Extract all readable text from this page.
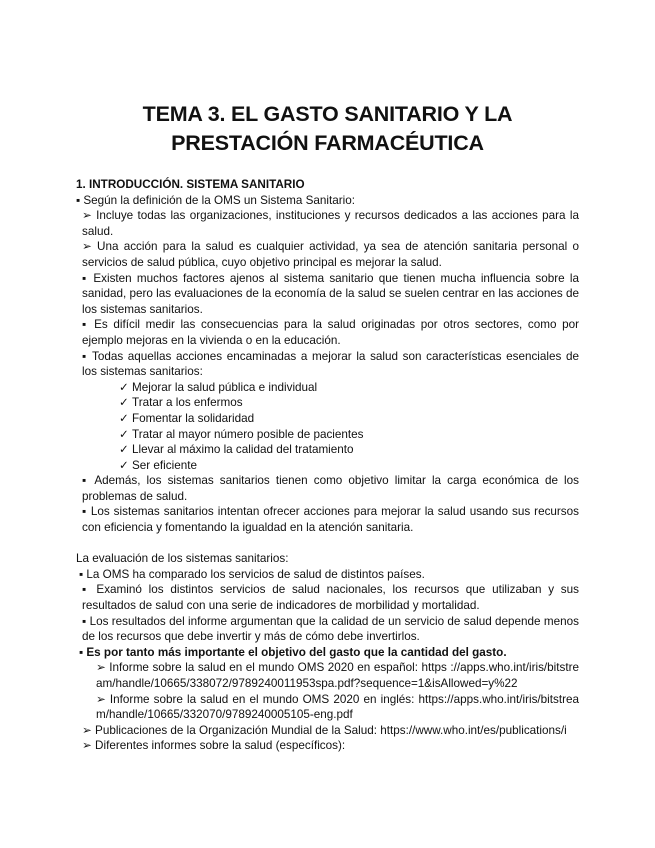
TEMA 3. EL GASTO SANITARIO Y LA
PRESTACIÓN FARMACÉUTICA

1. INTRODUCCIÓN. SISTEMA SANITARIO

▪ Según la definición de la OMS un Sistema Sanitario:

➢ Incluye todas las organizaciones, instituciones y recursos dedicados a las acciones para la salud.

➢ Una acción para la salud es cualquier actividad, ya sea de atención sanitaria personal o servicios de salud pública, cuyo objetivo principal es mejorar la salud.

▪ Existen muchos factores ajenos al sistema sanitario que tienen mucha influencia sobre la sanidad, pero las evaluaciones de la economía de la salud se suelen centrar en las acciones de los sistemas sanitarios.

▪ Es difícil medir las consecuencias para la salud originadas por otros sectores, como por ejemplo mejoras en la vivienda o en la educación.

▪ Todas aquellas acciones encaminadas a mejorar la salud son características esenciales de los sistemas sanitarios:

✓ Mejorar la salud pública e individual
✓ Tratar a los enfermos
✓ Fomentar la solidaridad
✓ Tratar al mayor número posible de pacientes
✓ Llevar al máximo la calidad del tratamiento
✓ Ser eficiente

▪ Además, los sistemas sanitarios tienen como objetivo limitar la carga económica de los problemas de salud.

▪ Los sistemas sanitarios intentan ofrecer acciones para mejorar la salud usando sus recursos con eficiencia y fomentando la igualdad en la atención sanitaria.

La evaluación de los sistemas sanitarios:

▪ La OMS ha comparado los servicios de salud de distintos países.

▪ Examinó los distintos servicios de salud nacionales, los recursos que utilizaban y sus resultados de salud con una serie de indicadores de morbilidad y mortalidad.

▪ Los resultados del informe argumentan que la calidad de un servicio de salud depende menos de los recursos que debe invertir y más de cómo debe invertirlos.

▪ Es por tanto más importante el objetivo del gasto que la cantidad del gasto.

➢ Informe sobre la salud en el mundo OMS 2020 en español: https ://apps.who.int/iris/bitstream/handle/10665/338072/9789240011953spa.pdf?sequence=1&isAllowed=y%22

➢ Informe sobre la salud en el mundo OMS 2020 en inglés: https://apps.who.int/iris/bitstream/handle/10665/332070/9789240005105-eng.pdf

➢ Publicaciones de la Organización Mundial de la Salud: https://www.who.int/es/publications/i

➢ Diferentes informes sobre la salud (específicos):
